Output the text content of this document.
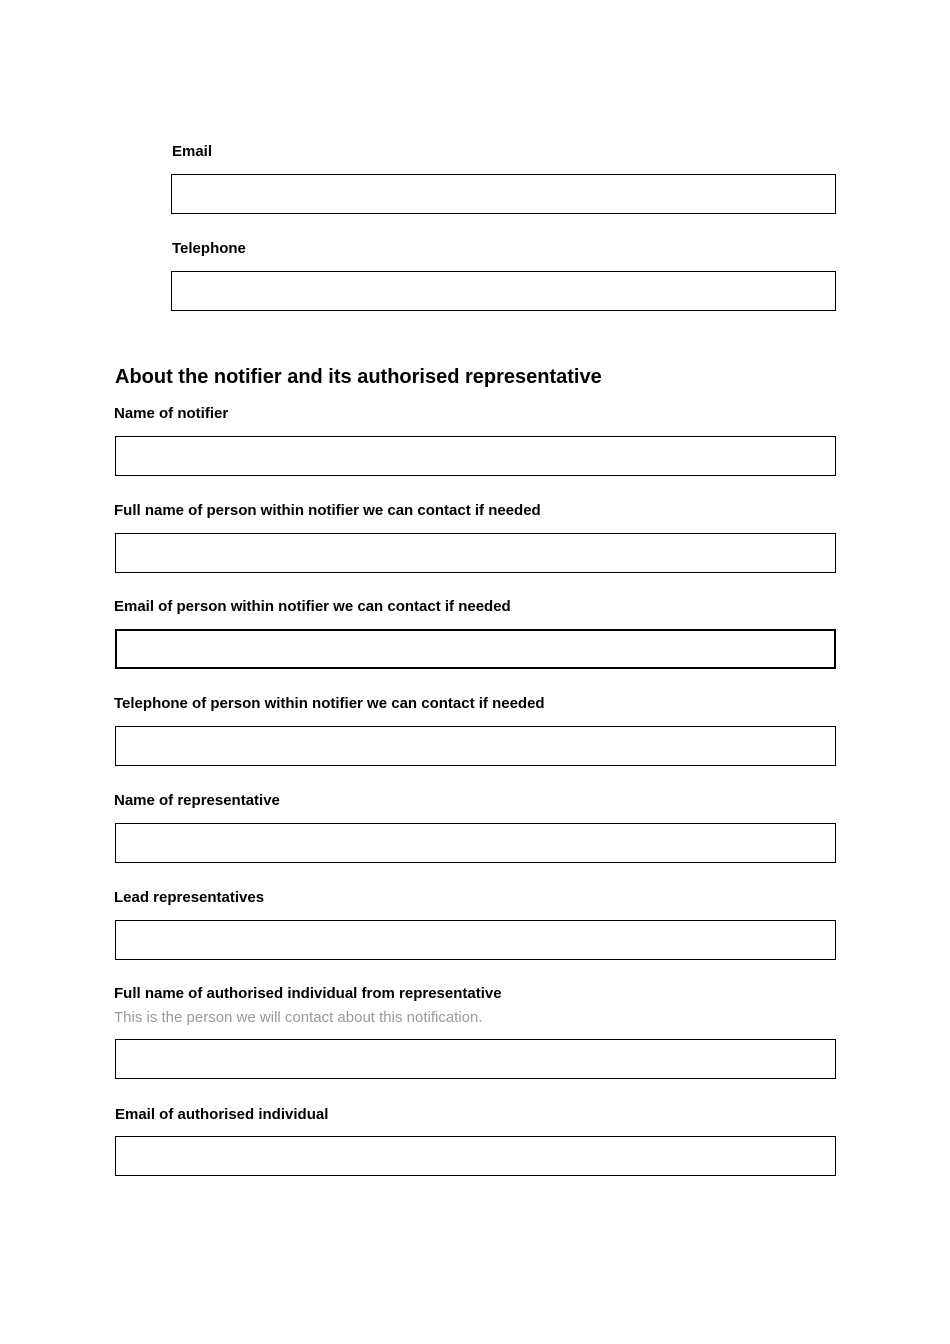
Email
Telephone
About the notifier and its authorised representative
Name of notifier
Full name of person within notifier we can contact if needed
Email of person within notifier we can contact if needed
Telephone of person within notifier we can contact if needed
Name of representative
Lead representatives
Full name of authorised individual from representative
This is the person we will contact about this notification.
Email of authorised individual
